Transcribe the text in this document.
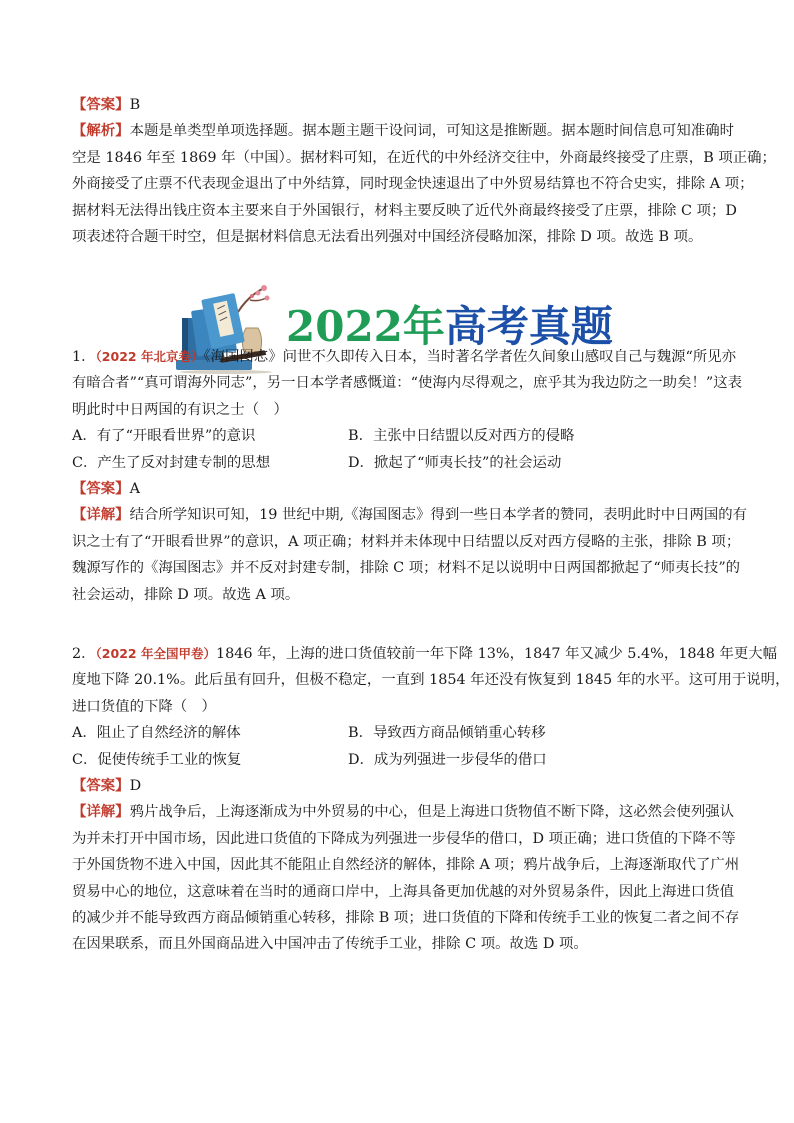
【答案】B
【解析】本题是单类型单项选择题。据本题主题干设问词，可知这是推断题。据本题时间信息可知准确时
空是 1846 年至 1869 年（中国）。据材料可知，在近代的中外经济交往中，外商最终接受了庄票，B 项正确；
外商接受了庄票不代表现金退出了中外结算，同时现金快速退出了中外贸易结算也不符合史实，排除 A 项；
据材料无法得出钱庄资本主要来自于外国银行，材料主要反映了近代外商最终接受了庄票，排除 C 项；D
项表述符合题干时空，但是据材料信息无法看出列强对中国经济侵略加深，排除 D 项。故选 B 项。
2022年高考真题
1．（2022 年北京卷）《海国图志》问世不久即传入日本，当时著名学者佐久间象山感叹自己与魏源“所见亦
有暗合者”“真可谓海外同志”，另一日本学者感慨道：“使海内尽得观之，庶乎其为我边防之一助矣！”这表
明此时中日两国的有识之士（　）
A．有了“开眼看世界”的意识	B．主张中日结盟以反对西方的侵略
C．产生了反对封建专制的思想	D．掀起了“师夷长技”的社会运动
【答案】A
【详解】结合所学知识可知，19 世纪中期,《海国图志》得到一些日本学者的赞同，表明此时中日两国的有
识之士有了“开眼看世界”的意识，A 项正确；材料并未体现中日结盟以反对西方侵略的主张，排除 B 项；
魏源写作的《海国图志》并不反对封建专制，排除 C 项；材料不足以说明中日两国都掀起了“师夷长技”的
社会运动，排除 D 项。故选 A 项。
2．（2022 年全国甲卷）1846 年，上海的进口货值较前一年下降 13%，1847 年又减少 5.4%，1848 年更大幅
度地下降 20.1%。此后虽有回升，但极不稳定，一直到 1854 年还没有恢复到 1845 年的水平。这可用于说明，
进口货值的下降（　）
A．阻止了自然经济的解体	B．导致西方商品倾销重心转移
C．促使传统手工业的恢复	D．成为列强进一步侵华的借口
【答案】D
【详解】鸦片战争后，上海逐渐成为中外贸易的中心，但是上海进口货物值不断下降，这必然会使列强认
为并未打开中国市场，因此进口货值的下降成为列强进一步侵华的借口，D 项正确；进口货值的下降不等
于外国货物不进入中国，因此其不能阻止自然经济的解体，排除 A 项；鸦片战争后，上海逐渐取代了广州
贸易中心的地位，这意味着在当时的通商口岸中，上海具备更加优越的对外贸易条件，因此上海进口货值
的减少并不能导致西方商品倾销重心转移，排除 B 项；进口货值的下降和传统手工业的恢复二者之间不存
在因果联系，而且外国商品进入中国冲击了传统手工业，排除 C 项。故选 D 项。
